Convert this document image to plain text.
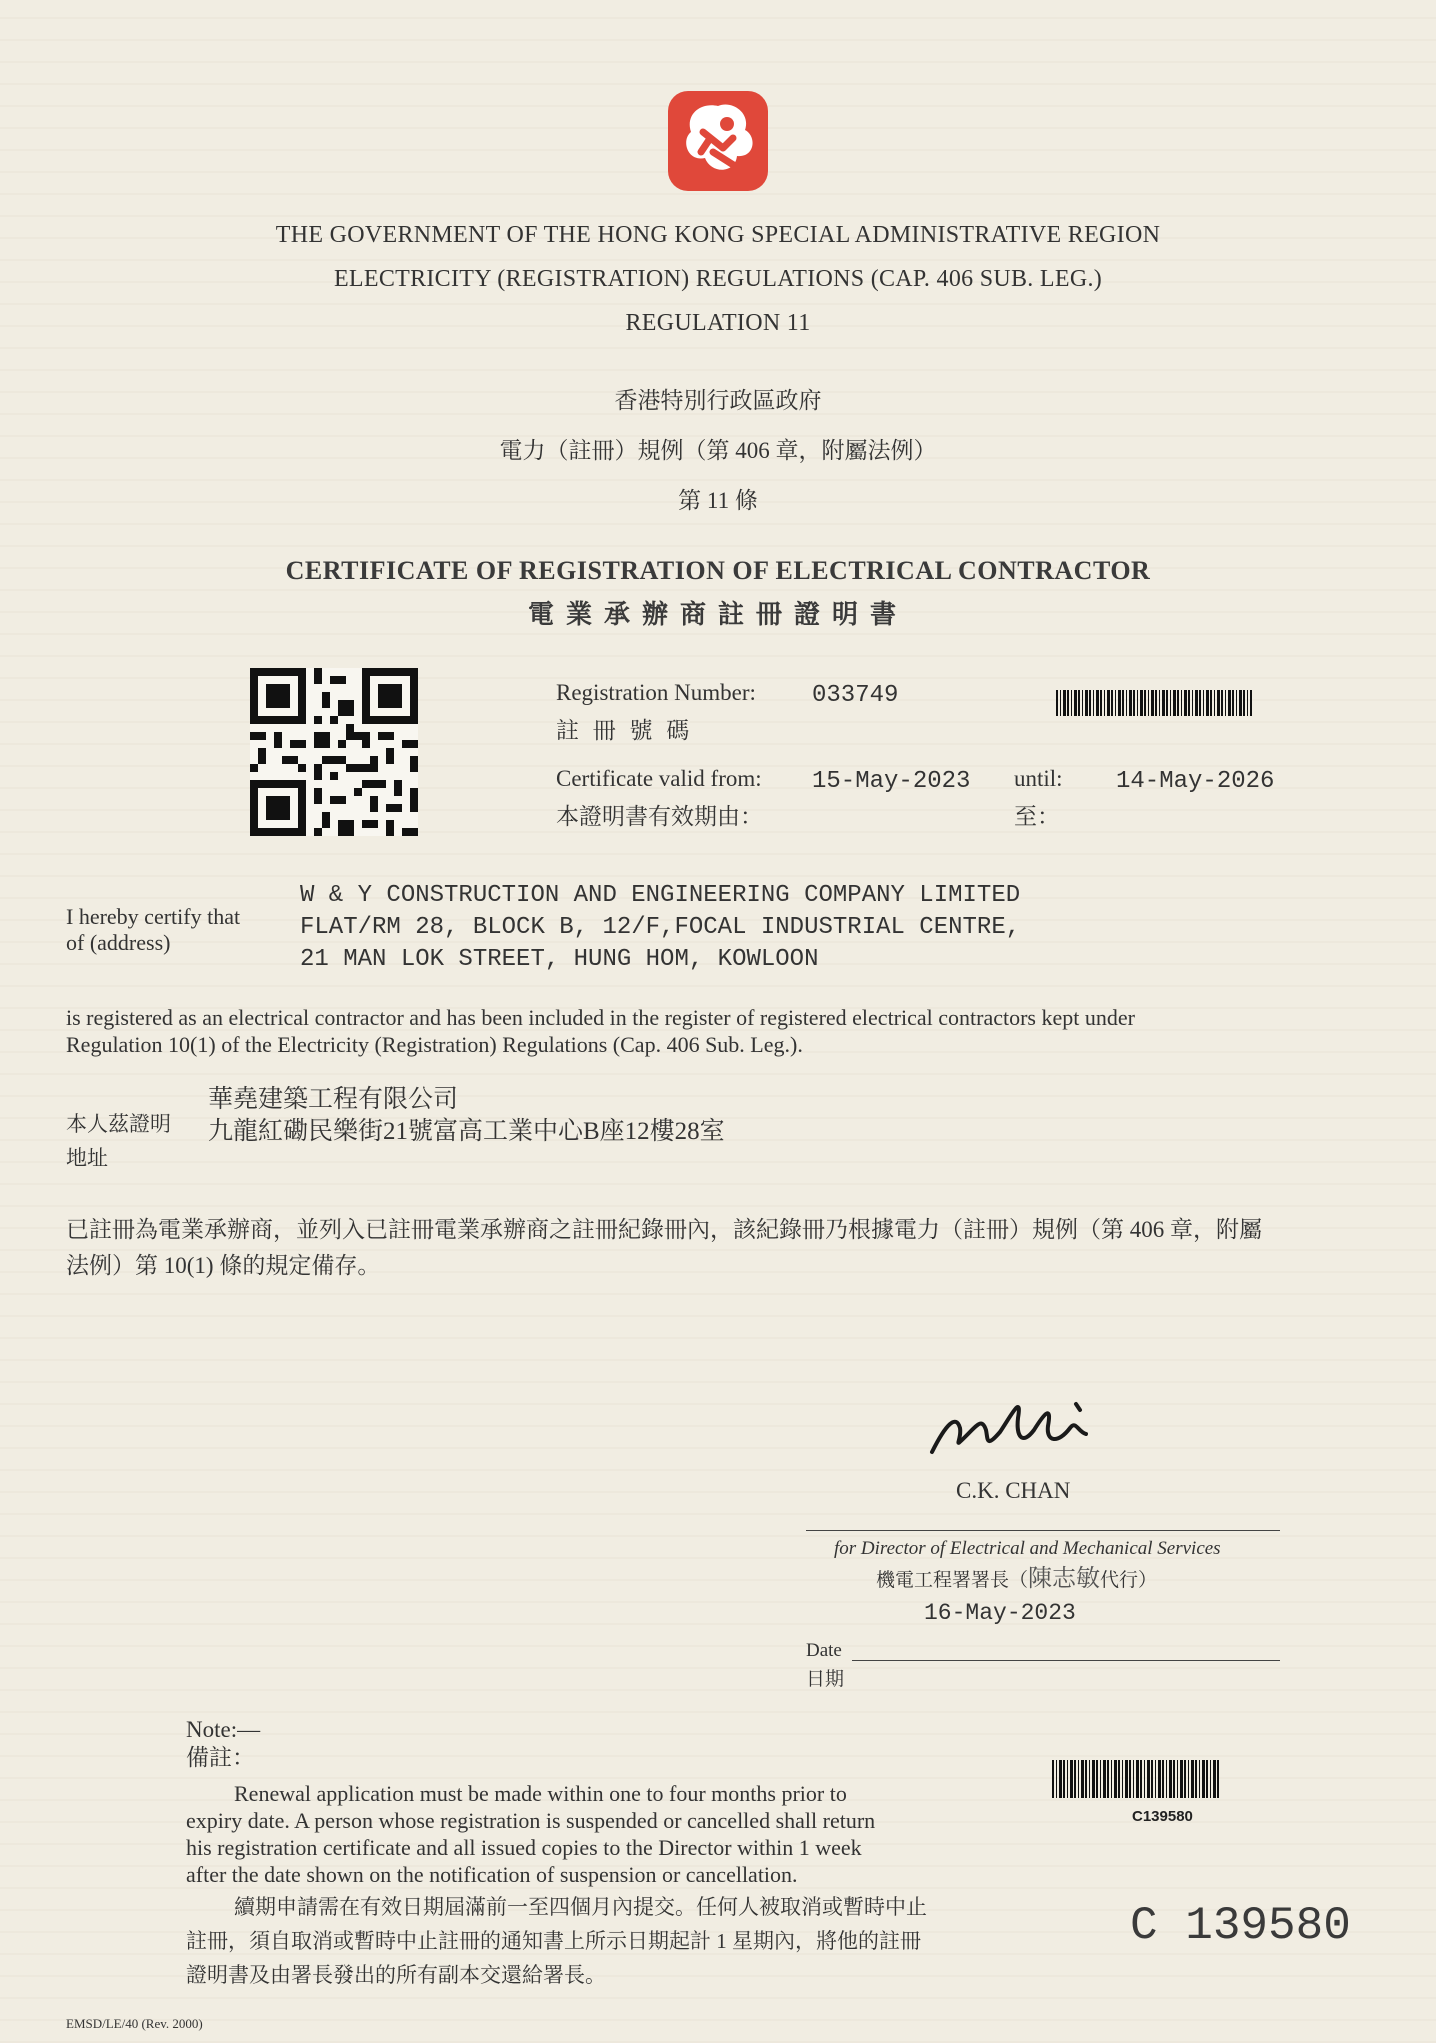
THE GOVERNMENT OF THE HONG KONG SPECIAL ADMINISTRATIVE REGION
ELECTRICITY (REGISTRATION) REGULATIONS (CAP. 406 SUB. LEG.)
REGULATION 11
香港特別行政區政府
電力（註冊）規例（第 406 章，附屬法例）
第 11 條
CERTIFICATE OF REGISTRATION OF ELECTRICAL CONTRACTOR
電業承辦商註冊證明書
Registration Number:
註 冊 號 碼
033749
Certificate valid from:
本證明書有效期由：
15-May-2023 until:
至：
14-May-2026
I hereby certify that
of (address)
W & Y CONSTRUCTION AND ENGINEERING COMPANY LIMITED
FLAT/RM 28, BLOCK B, 12/F,FOCAL INDUSTRIAL CENTRE,
21 MAN LOK STREET, HUNG HOM, KOWLOON
is registered as an electrical contractor and has been included in the register of registered electrical contractors kept under
Regulation 10(1) of the Electricity (Registration) Regulations (Cap. 406 Sub. Leg.).
華堯建築工程有限公司
本人茲證明 九龍紅磡民樂街21號富高工業中心B座12樓28室
地址
已註冊為電業承辦商，並列入已註冊電業承辦商之註冊紀錄冊內，該紀錄冊乃根據電力（註冊）規例（第 406 章，附屬
法例）第 10(1) 條的規定備存。
C.K. CHAN
for Director of Electrical and Mechanical Services
機電工程署署長（陳志敏代行）
16-May-2023
Date
日期
Note:—
備註：
Renewal application must be made within one to four months prior to
expiry date. A person whose registration is suspended or cancelled shall return
his registration certificate and all issued copies to the Director within 1 week
after the date shown on the notification of suspension or cancellation.
續期申請需在有效日期屆滿前一至四個月內提交。任何人被取消或暫時中止
註冊，須自取消或暫時中止註冊的通知書上所示日期起計 1 星期內，將他的註冊
證明書及由署長發出的所有副本交還給署長。
C139580
C 139580
EMSD/LE/40 (Rev. 2000)
